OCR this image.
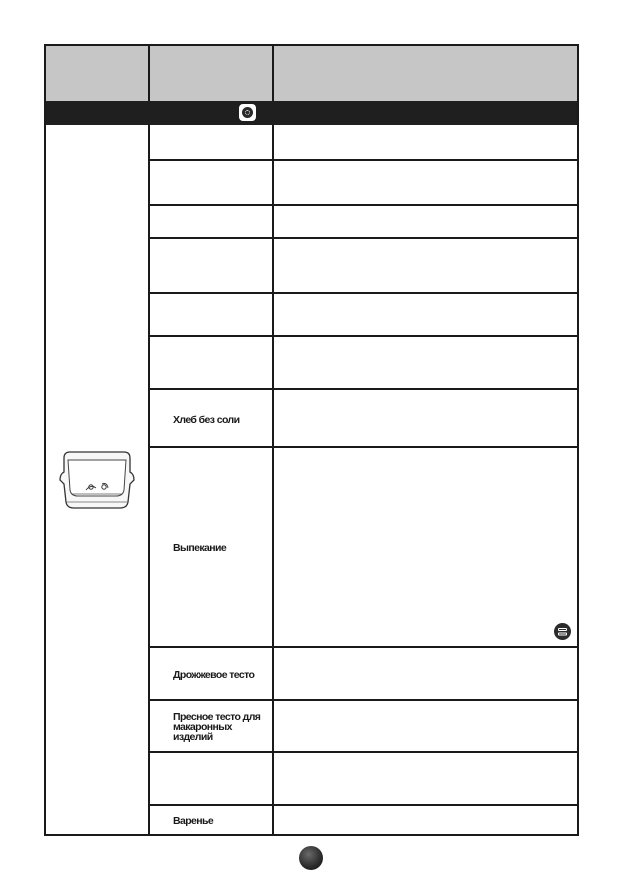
Хлеб без соли
Выпекание
Дрожжевое тесто
Пресное тесто для макаронных изделий
Варенье
